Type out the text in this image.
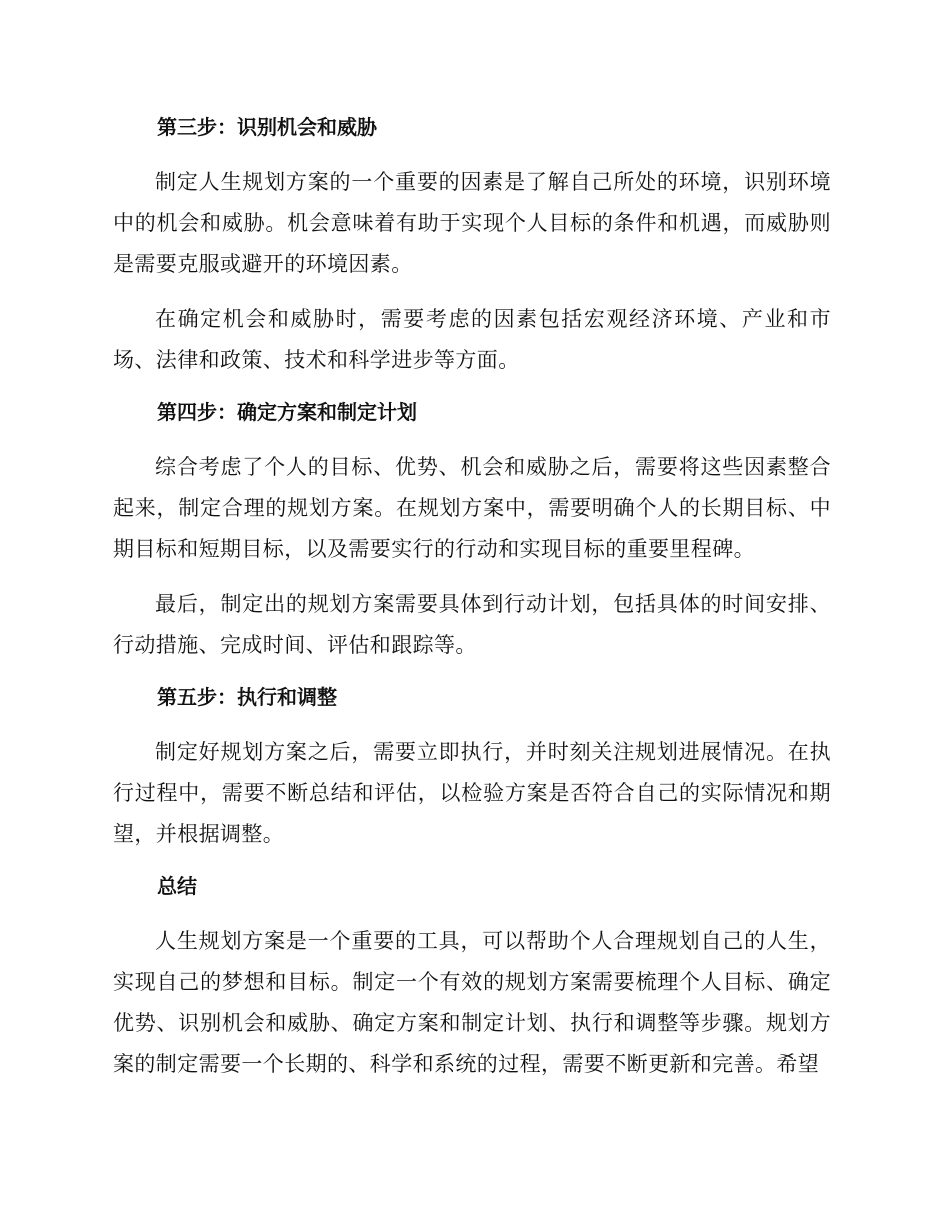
第三步：识别机会和威胁

制定人生规划方案的一个重要的因素是了解自己所处的环境，识别环境中的机会和威胁。机会意味着有助于实现个人目标的条件和机遇，而威胁则是需要克服或避开的环境因素。

在确定机会和威胁时，需要考虑的因素包括宏观经济环境、产业和市场、法律和政策、技术和科学进步等方面。

第四步：确定方案和制定计划

综合考虑了个人的目标、优势、机会和威胁之后，需要将这些因素整合起来，制定合理的规划方案。在规划方案中，需要明确个人的长期目标、中期目标和短期目标，以及需要实行的行动和实现目标的重要里程碑。

最后，制定出的规划方案需要具体到行动计划，包括具体的时间安排、行动措施、完成时间、评估和跟踪等。

第五步：执行和调整

制定好规划方案之后，需要立即执行，并时刻关注规划进展情况。在执行过程中，需要不断总结和评估，以检验方案是否符合自己的实际情况和期望，并根据调整。

总结

人生规划方案是一个重要的工具，可以帮助个人合理规划自己的人生，实现自己的梦想和目标。制定一个有效的规划方案需要梳理个人目标、确定优势、识别机会和威胁、确定方案和制定计划、执行和调整等步骤。规划方案的制定需要一个长期的、科学和系统的过程，需要不断更新和完善。希望
